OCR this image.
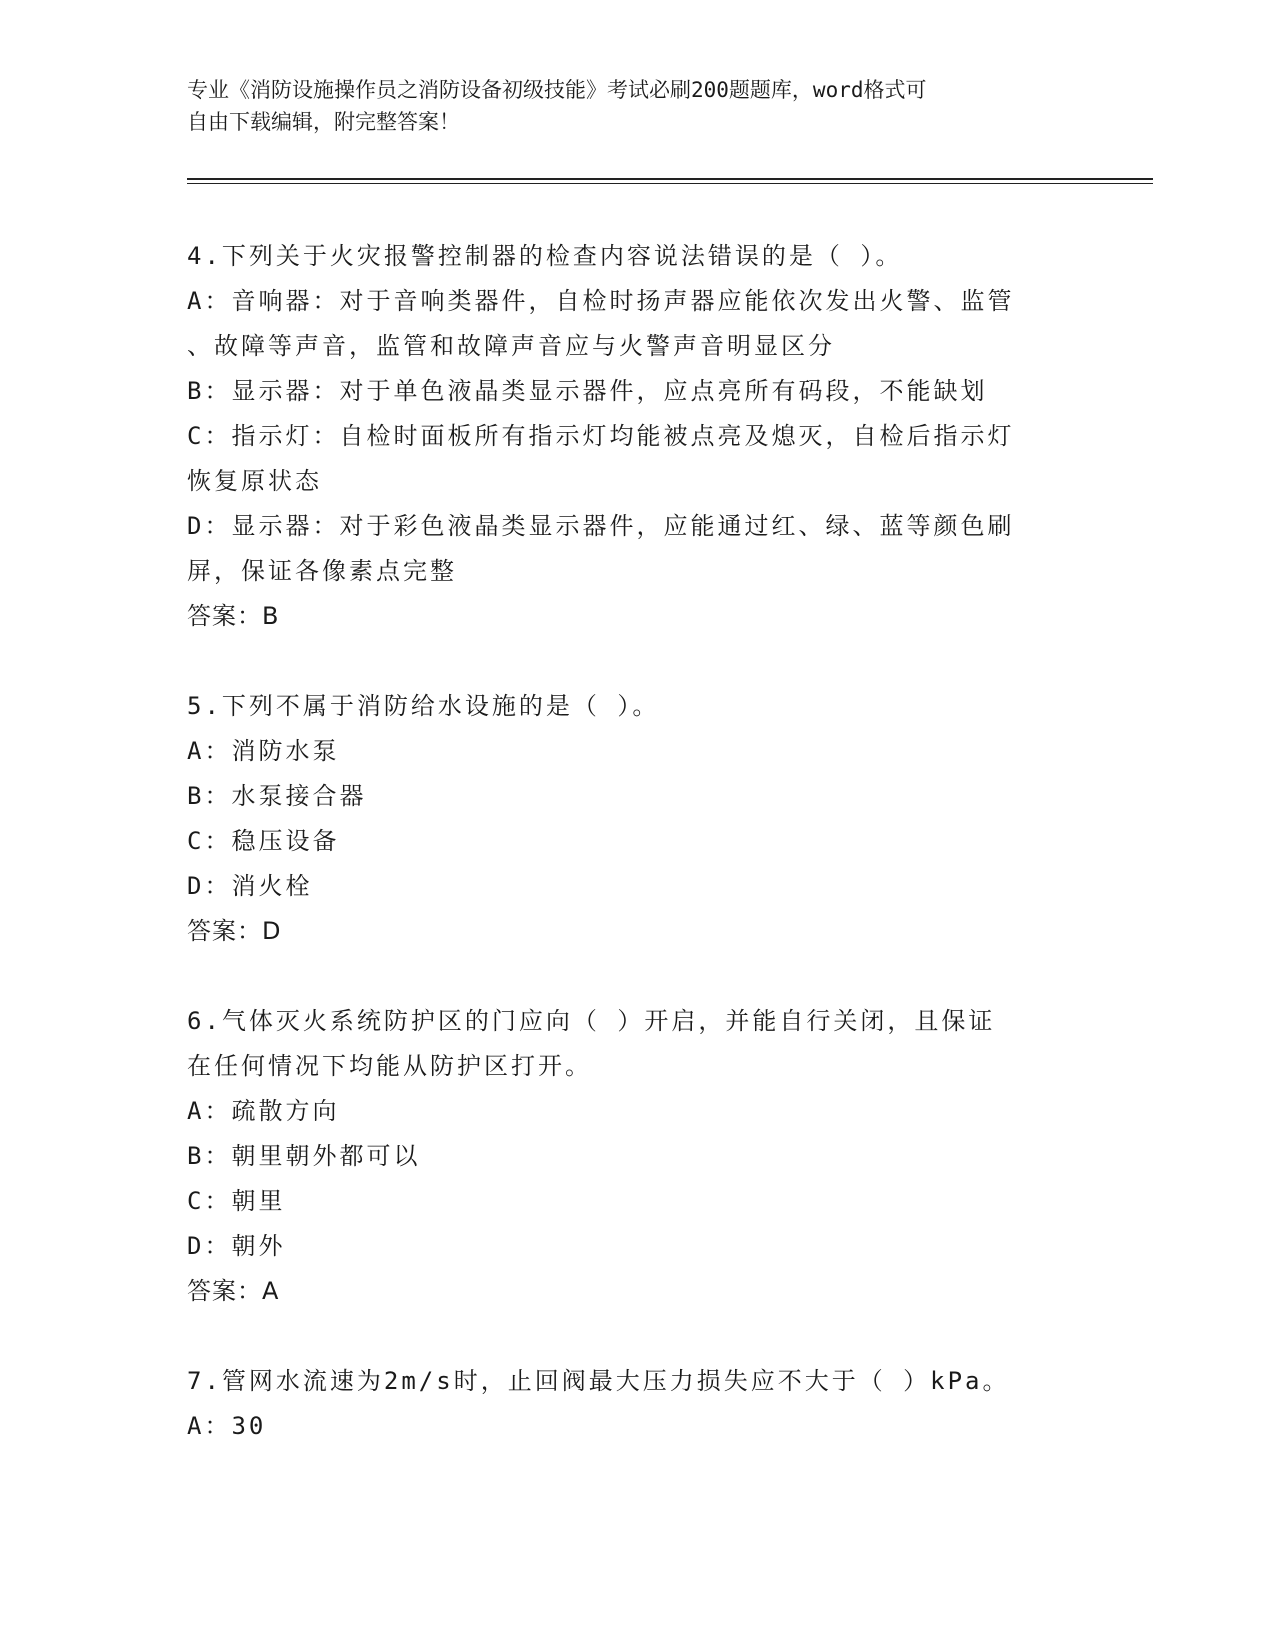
专业《消防设施操作员之消防设备初级技能》考试必刷200题题库，word格式可
自由下载编辑，附完整答案！
4.下列关于火灾报警控制器的检查内容说法错误的是（ ）。
A：音响器：对于音响类器件，自检时扬声器应能依次发出火警、监管
、故障等声音，监管和故障声音应与火警声音明显区分
B：显示器：对于单色液晶类显示器件，应点亮所有码段，不能缺划
C：指示灯：自检时面板所有指示灯均能被点亮及熄灭，自检后指示灯
恢复原状态
D：显示器：对于彩色液晶类显示器件，应能通过红、绿、蓝等颜色刷
屏，保证各像素点完整
答案：B
5.下列不属于消防给水设施的是（ ）。
A：消防水泵
B：水泵接合器
C：稳压设备
D：消火栓
答案：D
6.气体灭火系统防护区的门应向（ ）开启，并能自行关闭，且保证
在任何情况下均能从防护区打开。
A：疏散方向
B：朝里朝外都可以
C：朝里
D：朝外
答案：A
7.管网水流速为2m/s时，止回阀最大压力损失应不大于（ ）kPa。
A：30
